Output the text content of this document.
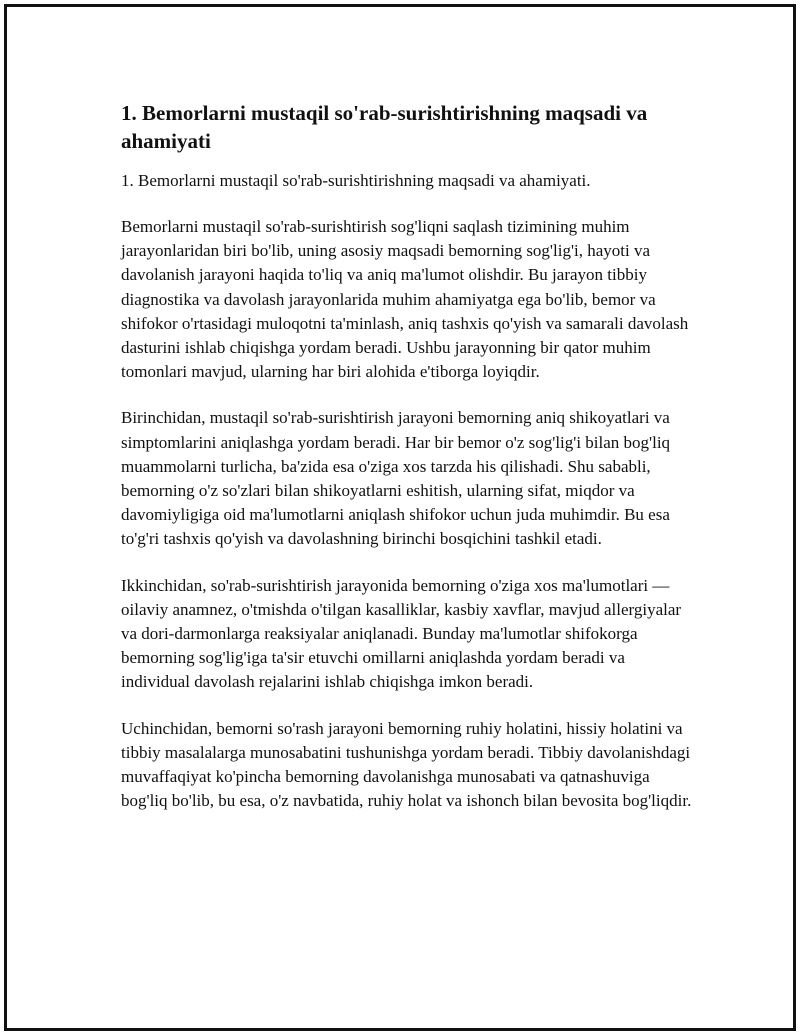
1. Bemorlarni mustaqil so'rab-surishtirishning maqsadi va ahamiyati

1. Bemorlarni mustaqil so'rab-surishtirishning maqsadi va ahamiyati.

Bemorlarni mustaqil so'rab-surishtirish sog'liqni saqlash tizimining muhim jarayonlaridan biri bo'lib, uning asosiy maqsadi bemorning sog'lig'i, hayoti va davolanish jarayoni haqida to'liq va aniq ma'lumot olishdir. Bu jarayon tibbiy diagnostika va davolash jarayonlarida muhim ahamiyatga ega bo'lib, bemor va shifokor o'rtasidagi muloqotni ta'minlash, aniq tashxis qo'yish va samarali davolash dasturini ishlab chiqishga yordam beradi. Ushbu jarayonning bir qator muhim tomonlari mavjud, ularning har biri alohida e'tiborga loyiqdir.

Birinchidan, mustaqil so'rab-surishtirish jarayoni bemorning aniq shikoyatlari va simptomlarini aniqlashga yordam beradi. Har bir bemor o'z sog'lig'i bilan bog'liq muammolarni turlicha, ba'zida esa o'ziga xos tarzda his qilishadi. Shu sababli, bemorning o'z so'zlari bilan shikoyatlarni eshitish, ularning sifat, miqdor va davomiyligiga oid ma'lumotlarni aniqlash shifokor uchun juda muhimdir. Bu esa to'g'ri tashxis qo'yish va davolashning birinchi bosqichini tashkil etadi.

Ikkinchidan, so'rab-surishtirish jarayonida bemorning o'ziga xos ma'lumotlari — oilaviy anamnez, o'tmishda o'tilgan kasalliklar, kasbiy xavflar, mavjud allergiyalar va dori-darmonlarga reaksiyalar aniqlanadi. Bunday ma'lumotlar shifokorga bemorning sog'lig'iga ta'sir etuvchi omillarni aniqlashda yordam beradi va individual davolash rejalarini ishlab chiqishga imkon beradi.

Uchinchidan, bemorni so'rash jarayoni bemorning ruhiy holatini, hissiy holatini va tibbiy masalalarga munosabatini tushunishga yordam beradi. Tibbiy davolanishdagi muvaffaqiyat ko'pincha bemorning davolanishga munosabati va qatnashuviga bog'liq bo'lib, bu esa, o'z navbatida, ruhiy holat va ishonch bilan bevosita bog'liqdir.
